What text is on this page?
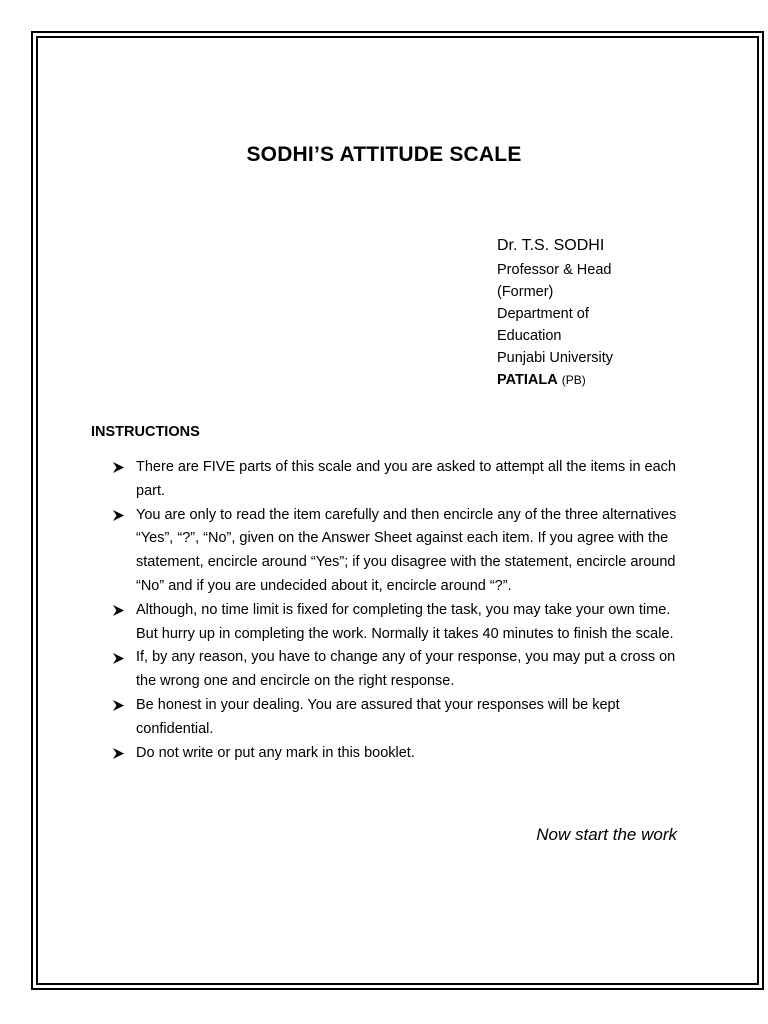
SODHI’S ATTITUDE SCALE
Dr. T.S. SODHI
Professor & Head
(Former)
Department of
Education
Punjabi University
PATIALA (PB)
INSTRUCTIONS
There are FIVE parts of this scale and you are asked to attempt all the items in each part.
You are only to read the item carefully and then encircle any of the three alternatives “Yes”, “?”, “No”, given on the Answer Sheet against each item. If you agree with the statement, encircle around “Yes”; if you disagree with the statement, encircle around “No” and if you are undecided about it, encircle around “?”.
Although, no time limit is fixed for completing the task, you may take your own time. But hurry up in completing the work. Normally it takes 40 minutes to finish the scale.
If, by any reason, you have to change any of your response, you may put a cross on the wrong one and encircle on the right response.
Be honest in your dealing. You are assured that your responses will be kept confidential.
Do not write or put any mark in this booklet.
Now start the work
